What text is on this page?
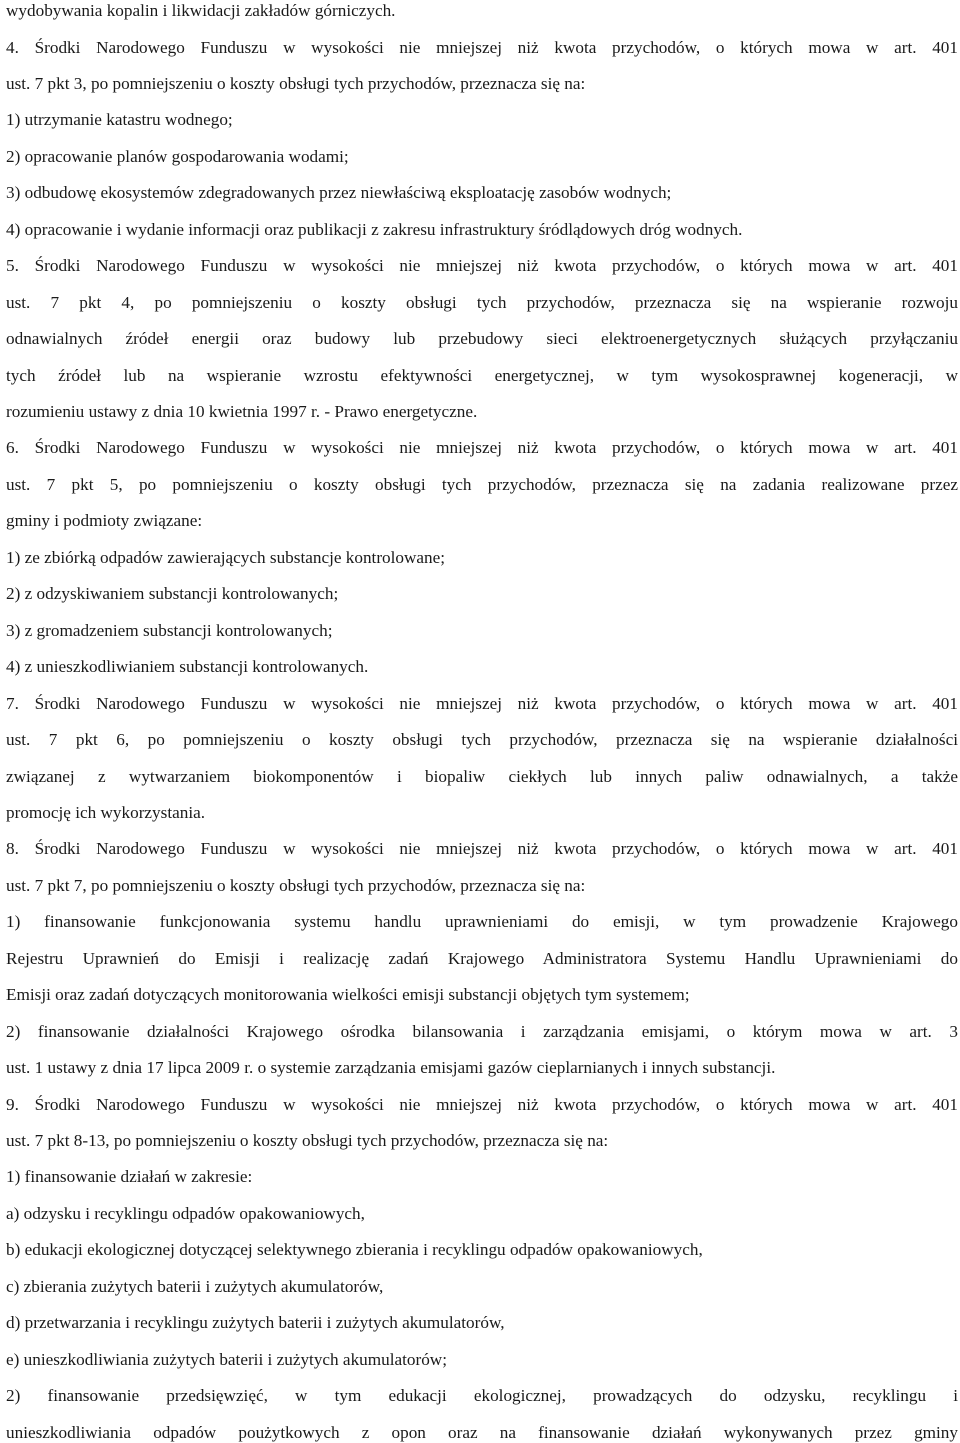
wydobywania kopalin i likwidacji zakładów górniczych.
4. Środki Narodowego Funduszu w wysokości nie mniejszej niż kwota przychodów, o których mowa w art. 401
ust. 7 pkt 3, po pomniejszeniu o koszty obsługi tych przychodów, przeznacza się na:
1) utrzymanie katastru wodnego;
2) opracowanie planów gospodarowania wodami;
3) odbudowę ekosystemów zdegradowanych przez niewłaściwą eksploatację zasobów wodnych;
4) opracowanie i wydanie informacji oraz publikacji z zakresu infrastruktury śródlądowych dróg wodnych.
5. Środki Narodowego Funduszu w wysokości nie mniejszej niż kwota przychodów, o których mowa w art. 401
ust. 7 pkt 4, po pomniejszeniu o koszty obsługi tych przychodów, przeznacza się na wspieranie rozwoju
odnawialnych źródeł energii oraz budowy lub przebudowy sieci elektroenergetycznych służących przyłączaniu
tych źródeł lub na wspieranie wzrostu efektywności energetycznej, w tym wysokosprawnej kogeneracji, w
rozumieniu ustawy z dnia 10 kwietnia 1997 r. - Prawo energetyczne.
6. Środki Narodowego Funduszu w wysokości nie mniejszej niż kwota przychodów, o których mowa w art. 401
ust. 7 pkt 5, po pomniejszeniu o koszty obsługi tych przychodów, przeznacza się na zadania realizowane przez
gminy i podmioty związane:
1) ze zbiórką odpadów zawierających substancje kontrolowane;
2) z odzyskiwaniem substancji kontrolowanych;
3) z gromadzeniem substancji kontrolowanych;
4) z unieszkodliwianiem substancji kontrolowanych.
7. Środki Narodowego Funduszu w wysokości nie mniejszej niż kwota przychodów, o których mowa w art. 401
ust. 7 pkt 6, po pomniejszeniu o koszty obsługi tych przychodów, przeznacza się na wspieranie działalności
związanej z wytwarzaniem biokomponentów i biopaliw ciekłych lub innych paliw odnawialnych, a także
promocję ich wykorzystania.
8. Środki Narodowego Funduszu w wysokości nie mniejszej niż kwota przychodów, o których mowa w art. 401
ust. 7 pkt 7, po pomniejszeniu o koszty obsługi tych przychodów, przeznacza się na:
1) finansowanie funkcjonowania systemu handlu uprawnieniami do emisji, w tym prowadzenie Krajowego
Rejestru Uprawnień do Emisji i realizację zadań Krajowego Administratora Systemu Handlu Uprawnieniami do
Emisji oraz zadań dotyczących monitorowania wielkości emisji substancji objętych tym systemem;
2) finansowanie działalności Krajowego ośrodka bilansowania i zarządzania emisjami, o którym mowa w art. 3
ust. 1 ustawy z dnia 17 lipca 2009 r. o systemie zarządzania emisjami gazów cieplarnianych i innych substancji.
9. Środki Narodowego Funduszu w wysokości nie mniejszej niż kwota przychodów, o których mowa w art. 401
ust. 7 pkt 8-13, po pomniejszeniu o koszty obsługi tych przychodów, przeznacza się na:
1) finansowanie działań w zakresie:
a) odzysku i recyklingu odpadów opakowaniowych,
b) edukacji ekologicznej dotyczącej selektywnego zbierania i recyklingu odpadów opakowaniowych,
c) zbierania zużytych baterii i zużytych akumulatorów,
d) przetwarzania i recyklingu zużytych baterii i zużytych akumulatorów,
e) unieszkodliwiania zużytych baterii i zużytych akumulatorów;
2) finansowanie przedsięwzięć, w tym edukacji ekologicznej, prowadzących do odzysku, recyklingu i
unieszkodliwiania odpadów poużytkowych z opon oraz na finansowanie działań wykonywanych przez gminy
